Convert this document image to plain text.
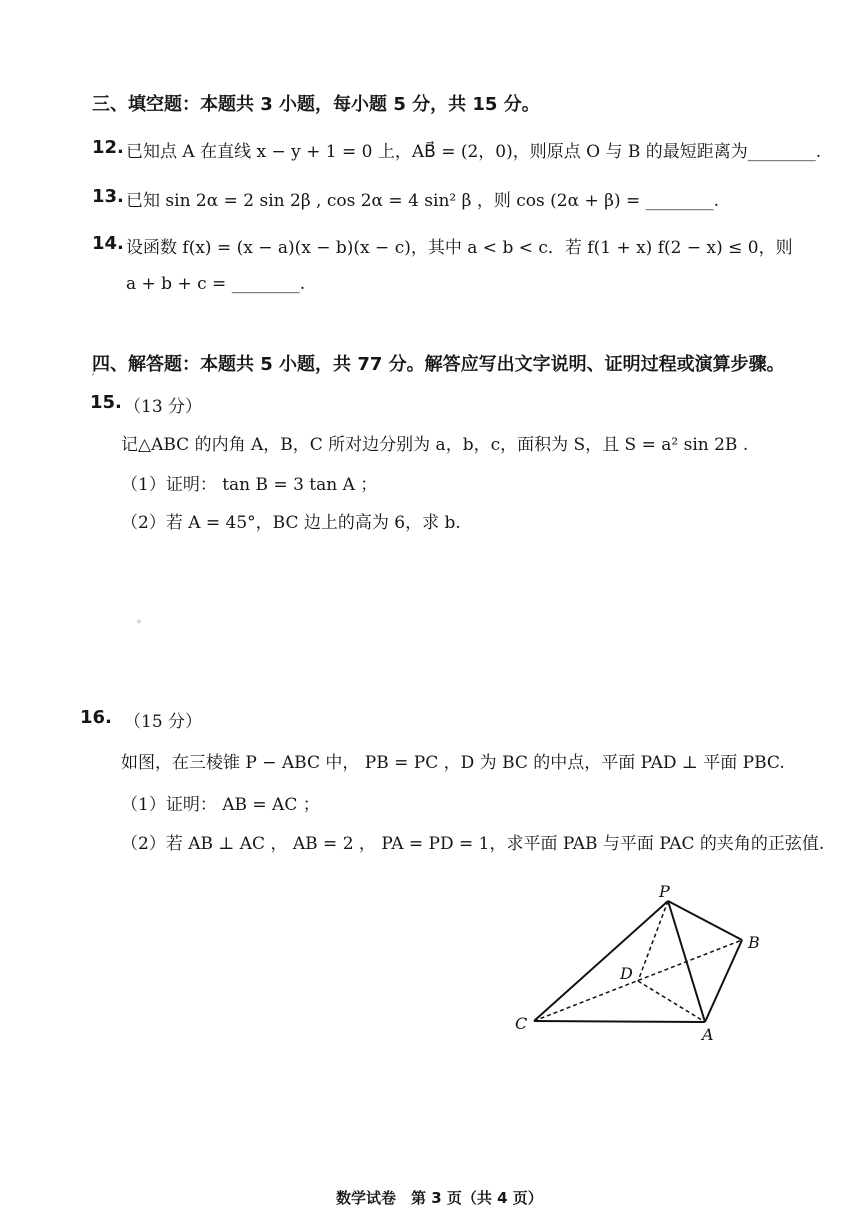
三、填空题：本题共 3 小题，每小题 5 分，共 15 分。
12. 已知点 A 在直线 x − y + 1 = 0 上，AB⃗ = (2，0)，则原点 O 与 B 的最短距离为________.
13. 已知 sin 2α = 2 sin 2β , cos 2α = 4 sin² β ，则 cos (2α + β) = ________.
14. 设函数 f(x) = (x − a)(x − b)(x − c)，其中 a < b < c．若 f(1 + x) f(2 − x) ≤ 0，则
a + b + c = ________.
四、解答题：本题共 5 小题，共 77 分。解答应写出文字说明、证明过程或演算步骤。
ˊ
15. （13 分）
记△ABC 的内角 A，B，C 所对边分别为 a，b，c，面积为 S，且 S = a² sin 2B .
（1）证明： tan B = 3 tan A ；
（2）若 A = 45°，BC 边上的高为 6，求 b.
◦
16. （15 分）
如图，在三棱锥 P − ABC 中， PB = PC ，D 为 BC 的中点，平面 PAD ⊥ 平面 PBC.
（1）证明： AB = AC ；
（2）若 AB ⊥ AC ， AB = 2 ， PA = PD = 1，求平面 PAB 与平面 PAC 的夹角的正弦值.
P
B
D
C
A
数学试卷　第 3 页（共 4 页）
